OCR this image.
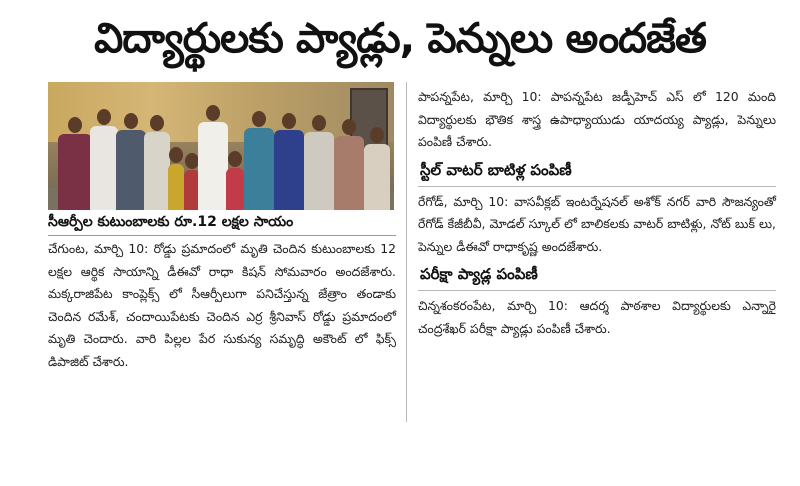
విద్యార్థులకు ప్యాడ్లు, పెన్నులు అందజేత
సీఆర్పీల కుటుంబాలకు రూ.12 లక్షల సాయం

చేగుంట, మార్చి 10: రోడ్డు ప్రమాదంలో మృతి చెందిన కుటుంబాలకు 12 లక్షల ఆర్థిక సాయాన్ని డీఈవో రాధా కిషన్ సోమవారం అందజేశారు. మక్కరాజిపేట కాంప్లెక్స్ లో సీఆర్పీలుగా పనిచేస్తున్న జేత్రాం తండాకు చెందిన రమేశ్, చందాయిపేటకు చెందిన ఎర్ర శ్రీనివాస్ రోడ్డు ప్రమాదంలో మృతి చెందారు. వారి పిల్లల పేర సుకున్య సమృద్ధి అకౌంట్ లో ఫిక్స్ డిపాజిట్ చేశారు.

పాపన్నపేట, మార్చి 10: పాపన్నపేట జడ్పీహెచ్ ఎస్ లో 120 మంది విద్యార్థులకు భౌతిక శాస్త్ర ఉపాధ్యాయుడు యాదయ్య ప్యాడ్లు, పెన్నులు పంపిణీ చేశారు.

స్టీల్ వాటర్ బాటిళ్ల పంపిణీ

రేగోడ్, మార్చి 10: వాసవీక్లబ్ ఇంటర్నేషనల్ అశోక్ నగర్ వారి సౌజన్యంతో రేగోడ్ కేజీబీవీ, మోడల్ స్కూల్ లో బాలికలకు వాటర్ బాటిళ్లు, నోట్ బుక్ లు, పెన్నుల డీఈవో రాధాకృష్ణ అందజేశారు.

పరీక్షా ప్యాడ్ల పంపిణీ

చిన్నశంకరంపేట, మార్చి 10: ఆదర్శ పాఠశాల విద్యార్థులకు ఎన్నారై చంద్రశేఖర్ పరీక్షా ప్యాడ్లు పంపిణీ చేశారు.
